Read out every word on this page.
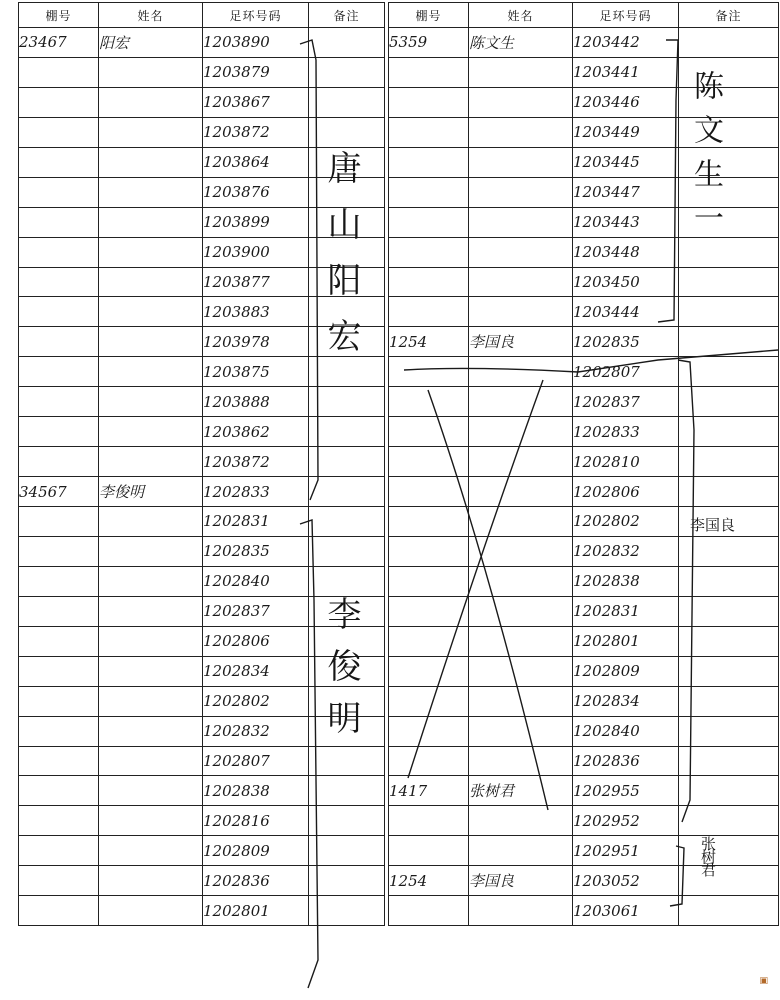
棚号	姓名	足环号码	备注
23467	阳宏	1203890	
		1203879	
		1203867	
		1203872	
		1203864	
		1203876	
		1203899	
		1203900	
		1203877	
		1203883	
		1203978	
		1203875	
		1203888	
		1203862	
		1203872	
34567	李俊明	1202833	
		1202831	
		1202835	
		1202840	
		1202837	
		1202806	
		1202834	
		1202802	
		1202832	
		1202807	
		1202838	
		1202816	
		1202809	
		1202836	
		1202801	
棚号	姓名	足环号码	备注
5359	陈文生	1203442	
		1203441	
		1203446	
		1203449	
		1203445	
		1203447	
		1203443	
		1203448	
		1203450	
		1203444	
1254	李国良	1202835	
		1202807	
		1202837	
		1202833	
		1202810	
		1202806	
		1202802	
		1202832	
		1202838	
		1202831	
		1202801	
		1202809	
		1202834	
		1202840	
		1202836	
1417	张树君	1202955	
		1202952	
		1202951	
1254	李国良	1203052	
		1203061	
唐山阳宏
李俊明
陈文生一
李国良
张树君
▣
